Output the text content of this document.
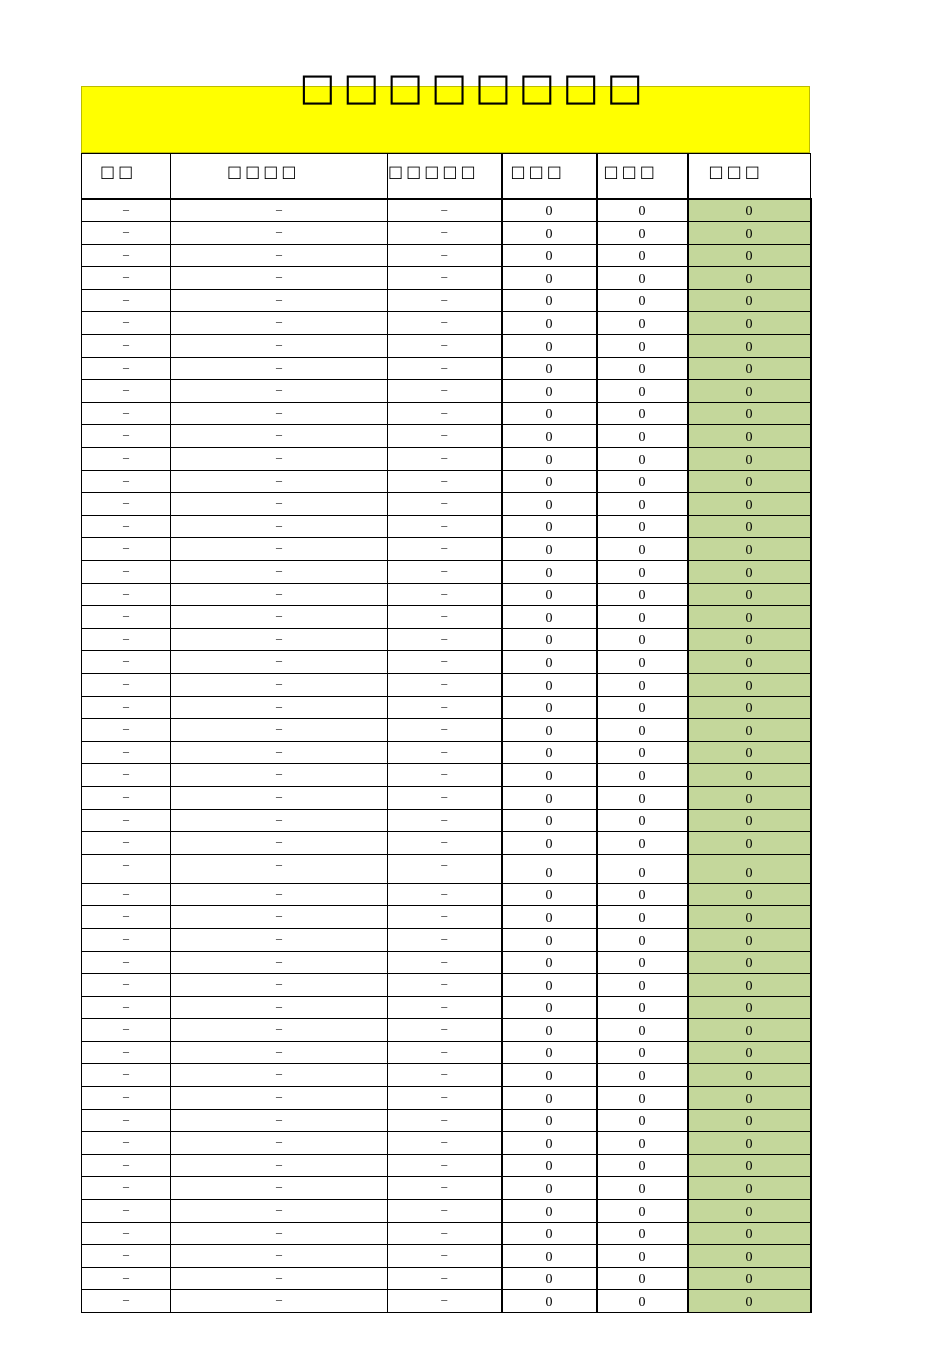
□□□□□□□□
□□	□□□□	□□□□□	□□□	□□□	□□□
–	–	–	0	0	0
–	–	–	0	0	0
–	–	–	0	0	0
–	–	–	0	0	0
–	–	–	0	0	0
–	–	–	0	0	0
–	–	–	0	0	0
–	–	–	0	0	0
–	–	–	0	0	0
–	–	–	0	0	0
–	–	–	0	0	0
–	–	–	0	0	0
–	–	–	0	0	0
–	–	–	0	0	0
–	–	–	0	0	0
–	–	–	0	0	0
–	–	–	0	0	0
–	–	–	0	0	0
–	–	–	0	0	0
–	–	–	0	0	0
–	–	–	0	0	0
–	–	–	0	0	0
–	–	–	0	0	0
–	–	–	0	0	0
–	–	–	0	0	0
–	–	–	0	0	0
–	–	–	0	0	0
–	–	–	0	0	0
–	–	–	0	0	0
–	–	–	0	0	0
–	–	–	0	0	0
–	–	–	0	0	0
–	–	–	0	0	0
–	–	–	0	0	0
–	–	–	0	0	0
–	–	–	0	0	0
–	–	–	0	0	0
–	–	–	0	0	0
–	–	–	0	0	0
–	–	–	0	0	0
–	–	–	0	0	0
–	–	–	0	0	0
–	–	–	0	0	0
–	–	–	0	0	0
–	–	–	0	0	0
–	–	–	0	0	0
–	–	–	0	0	0
–	–	–	0	0	0
–	–	–	0	0	0
